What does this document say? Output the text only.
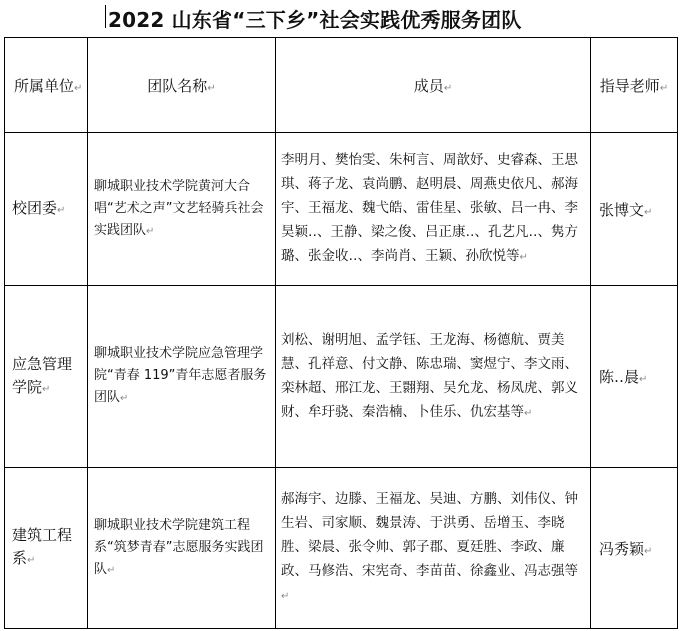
2022 山东省“三下乡”社会实践优秀服务团队
所属单位↵	团队名称↵	成员↵	指导老师↵
校团委↵	聊城职业技术学院黄河大合唱“艺术之声”文艺轻骑兵社会实践团队↵	李明月、樊怡雯、朱柯言、周歆妤、史睿森、王思琪、蒋子龙、袁尚鹏、赵明晨、周燕史依凡、郝海宇、王福龙、魏弋皓、雷佳星、张敏、吕一冉、李昊颖‥、王静、梁之俊、吕正康‥、孔艺凡‥、隽方璐、张金收‥、李尚肖、王颖、孙欣悦等↵	张博文↵
应急管理学院↵	聊城职业技术学院应急管理学院“青春 119”青年志愿者服务团队↵	刘松、谢明旭、孟学钰、王龙海、杨德航、贾美慧、孔祥意、付文静、陈忠瑞、窦煜宁、李文雨、栾林超、邢江龙、王翾翔、吴允龙、杨凤虎、郭义财、牟玗骁、秦浩楠、卜佳乐、仇宏基等↵	陈‥晨↵
建筑工程系↵	聊城职业技术学院建筑工程系“筑梦青春”志愿服务实践团队↵	郝海宇、边滕、王福龙、吴迪、方鹏、刘伟仪、钟生岩、司家顺、魏景涛、于洪勇、岳增玉、李晓胜、梁晨、张令帅、郭子郡、夏廷胜、李政、廉政、马修浩、宋宪奇、李苗苗、徐鑫业、冯志强等↵	冯秀颖↵
